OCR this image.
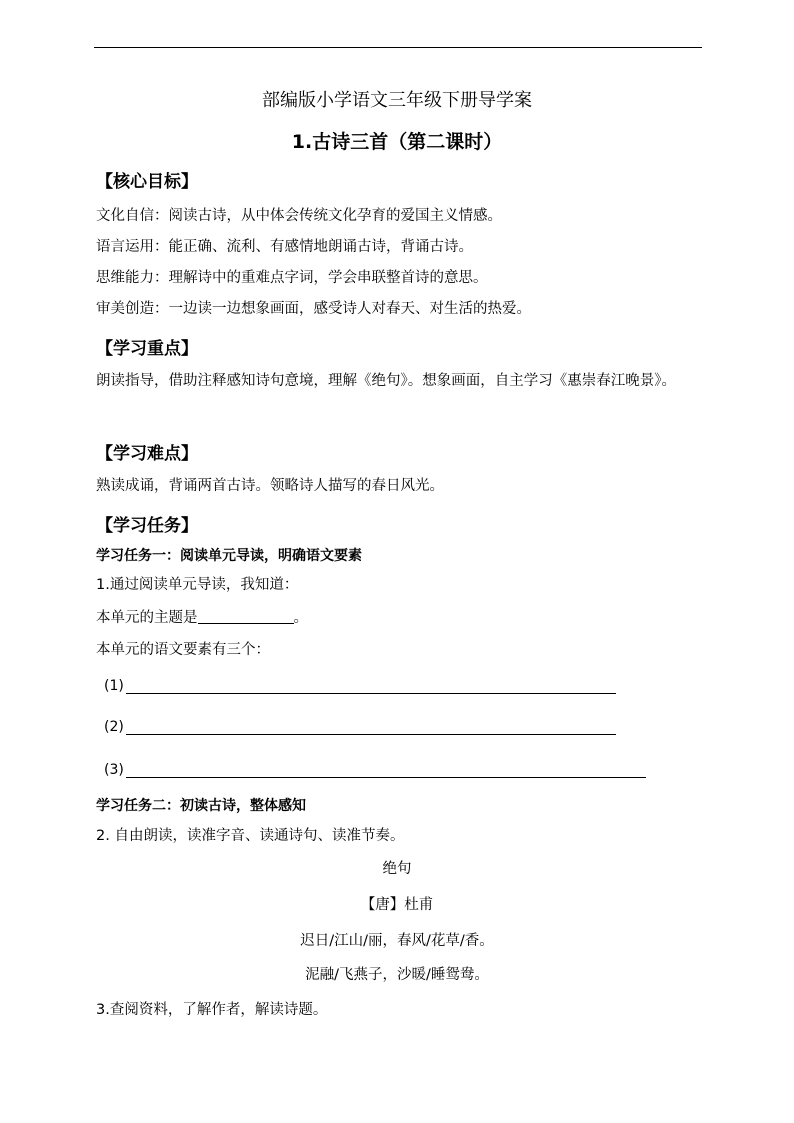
部编版小学语文三年级下册导学案
1.古诗三首（第二课时）
【核心目标】
文化自信：阅读古诗，从中体会传统文化孕育的爱国主义情感。
语言运用：能正确、流利、有感情地朗诵古诗，背诵古诗。
思维能力：理解诗中的重难点字词，学会串联整首诗的意思。
审美创造：一边读一边想象画面，感受诗人对春天、对生活的热爱。
【学习重点】
朗读指导，借助注释感知诗句意境，理解《绝句》。想象画面，自主学习《惠崇春江晚景》。
【学习难点】
熟读成诵，背诵两首古诗。领略诗人描写的春日风光。
【学习任务】
学习任务一：阅读单元导读，明确语文要素
1.通过阅读单元导读，我知道：
本单元的主题是	。
本单元的语文要素有三个：
(1)
(2)
(3)
学习任务二：初读古诗，整体感知
2. 自由朗读，读准字音、读通诗句、读准节奏。
绝句
【唐】杜甫
迟日/江山/丽，春风/花草/香。
泥融/飞燕子，沙暖/睡鸳鸯。
3.查阅资料，了解作者，解读诗题。
